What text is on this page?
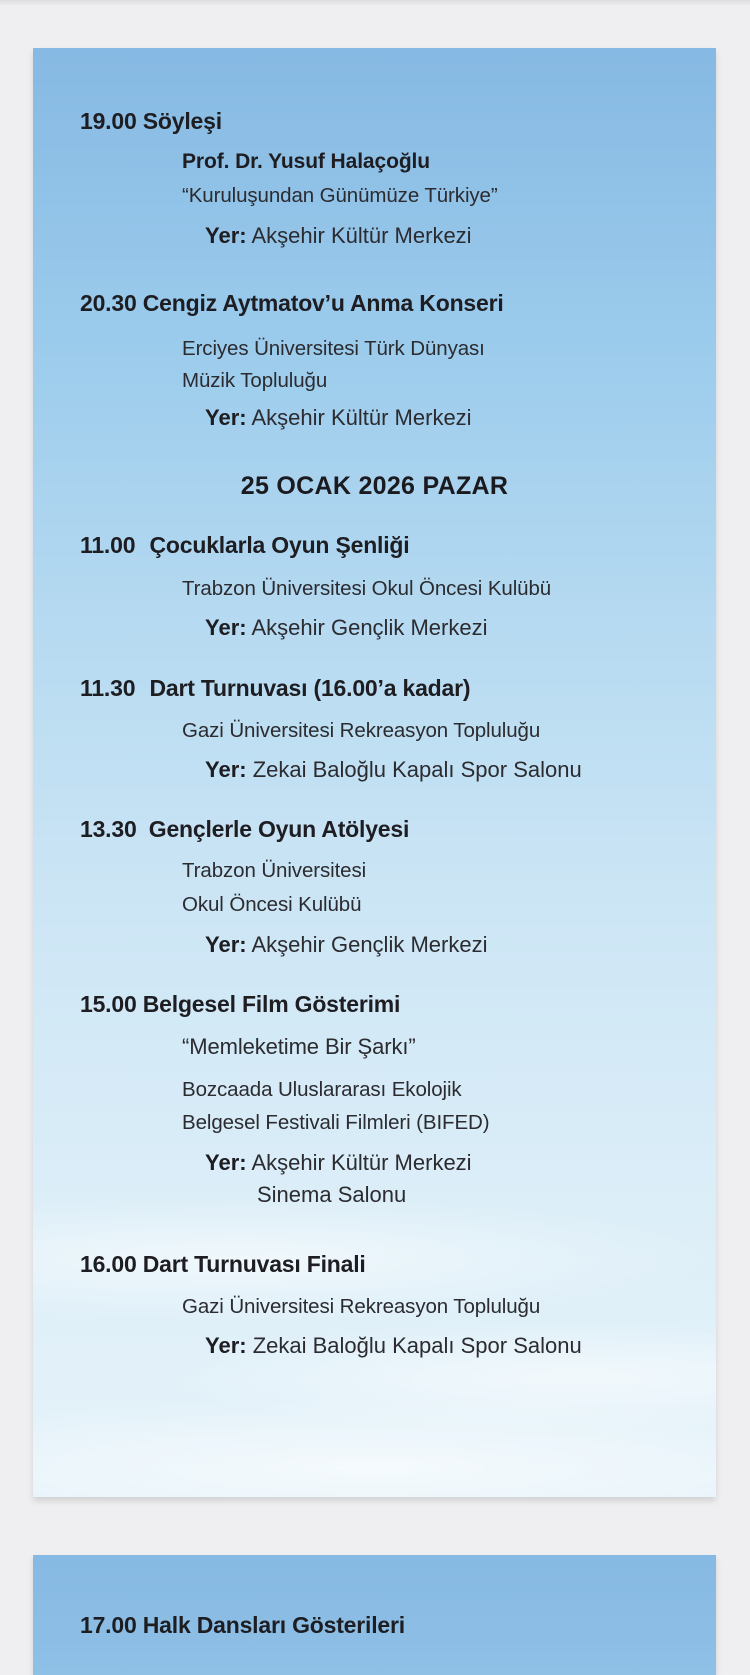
19.00 Söyleşi
Prof. Dr. Yusuf Halaçoğlu
“Kuruluşundan Günümüze Türkiye”
Yer: Akşehir Kültür Merkezi
20.30 Cengiz Aytmatov’u Anma Konseri
Erciyes Üniversitesi Türk Dünyası
Müzik Topluluğu
Yer: Akşehir Kültür Merkezi
25 OCAK 2026 PAZAR
11.00 Çocuklarla Oyun Şenliği
Trabzon Üniversitesi Okul Öncesi Kulübü
Yer: Akşehir Gençlik Merkezi
11.30 Dart Turnuvası (16.00’a kadar)
Gazi Üniversitesi Rekreasyon Topluluğu
Yer: Zekai Baloğlu Kapalı Spor Salonu
13.30 Gençlerle Oyun Atölyesi
Trabzon Üniversitesi
Okul Öncesi Kulübü
Yer: Akşehir Gençlik Merkezi
15.00 Belgesel Film Gösterimi
“Memleketime Bir Şarkı”
Bozcaada Uluslararası Ekolojik
Belgesel Festivali Filmleri (BIFED)
Yer: Akşehir Kültür Merkezi
Sinema Salonu
16.00 Dart Turnuvası Finali
Gazi Üniversitesi Rekreasyon Topluluğu
Yer: Zekai Baloğlu Kapalı Spor Salonu
17.00 Halk Dansları Gösterileri
